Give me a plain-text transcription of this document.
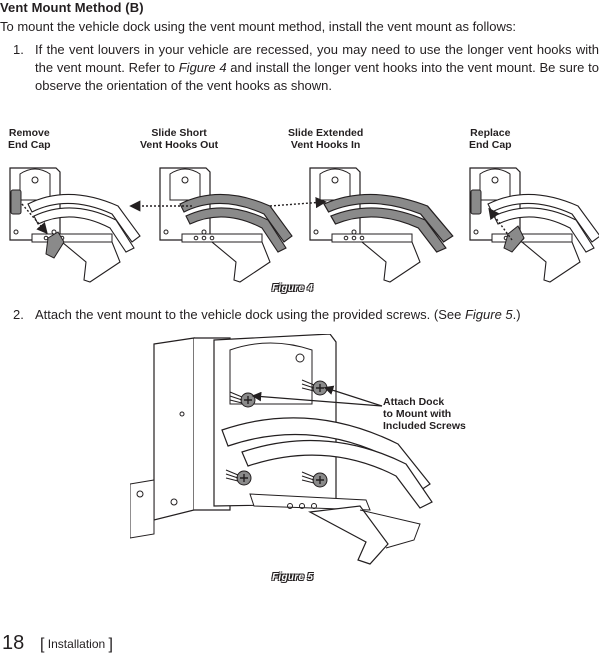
Vent Mount Method (B)

To mount the vehicle dock using the vent mount method, install the vent mount as follows:

1. If the vent louvers in your vehicle are recessed, you may need to use the longer vent hooks with the vent mount. Refer to Figure 4 and install the longer vent hooks into the vent mount. Be sure to observe the orientation of the vent hooks as shown.
Remove
End Cap
Slide Short
Vent Hooks Out
Slide Extended
Vent Hooks In
Replace
End Cap
Figure 4
2. Attach the vent mount to the vehicle dock using the provided screws. (See Figure 5.)
Attach Dock
to Mount with
Included Screws
Figure 5
18 [ Installation ]
